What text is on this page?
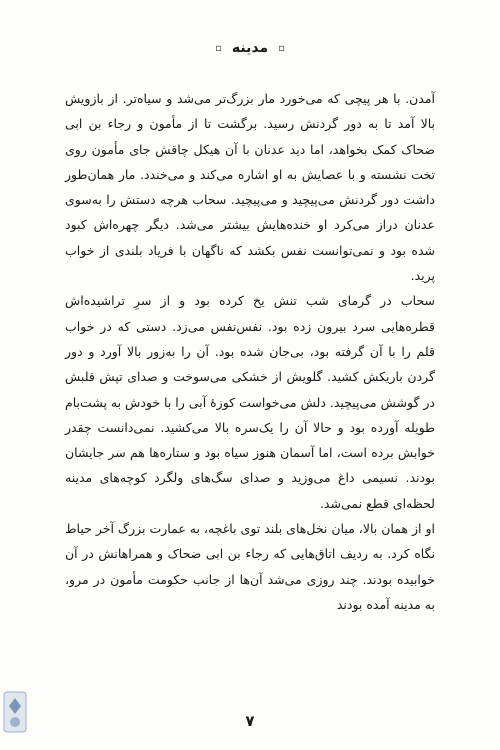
▫
مدینه
▫

آمدن. با هر پیچی که می‌خورد مار بزرگ‌تر می‌شد و سیاه‌تر. از بازویش بالا آمد تا به دور گردنش رسید. برگشت تا از مأمون و رجاء بن ابی ضحاک کمک بخواهد، اما دید عدنان با آن هیکل چاقش جای مأمون روی تخت نشسته و با عصایش به او اشاره می‌کند و می‌خندد. مار همان‌طور داشت دور گردنش می‌پیچید و می‌پیچید. سحاب هرچه دستش را به‌سوی عدنان دراز می‌کرد او خنده‌هایش بیشتر می‌شد. دیگر چهره‌اش کبود شده بود و نمی‌توانست نفس بکشد که ناگهان با فریاد بلندی از خواب پرید.

سحاب در گرمای شب تنش یخ کرده بود و از سرِ تراشیده‌اش قطره‌هایی سرد بیرون زده بود. نفس‌نفس می‌زد. دستی که در خواب قلم را با آن گرفته بود، بی‌جان شده بود. آن را به‌زور بالا آورد و دور گردن باریکش کشید. گلویش از خشکی می‌سوخت و صدای تپش قلبش در گوشش می‌پیچید. دلش می‌خواست کوزهٔ آبی را با خودش به پشت‌بام طویله آورده بود و حالا آن را یک‌سره بالا می‌کشید. نمی‌دانست چقدر خوابش برده است، اما آسمان هنوز سیاه بود و ستاره‌ها هم سر جایشان بودند. نسیمی داغ می‌وزید و صدای سگ‌های ولگرد کوچه‌های مدینه لحظه‌ای قطع نمی‌شد.

او از همان بالا، میان نخل‌های بلند توی باغچه، به عمارت بزرگ آخر حیاط نگاه کرد. به ردیف اتاق‌هایی که رجاء بن ابی ضحاک و همراهانش در آن خوابیده بودند. چند روزی می‌شد آن‌ها از جانب حکومت مأمون در مرو، به مدینه آمده بودند

۷
